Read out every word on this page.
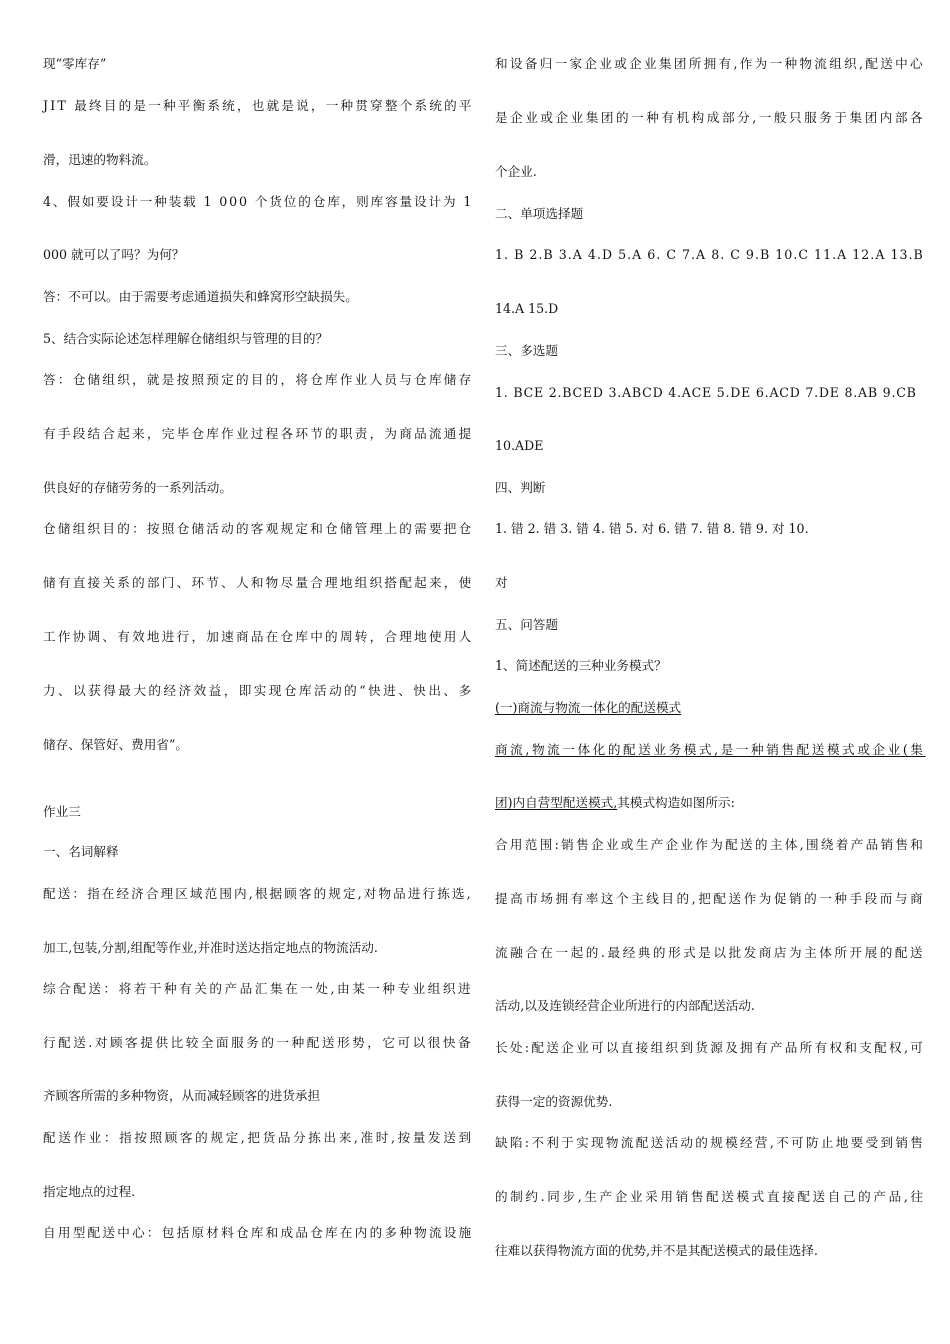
现“零库存”
JIT 最终目的是一种平衡系统，也就是说，一种贯穿整个系统的平
滑，迅速的物料流。
4、假如要设计一种装载 1 000 个货位的仓库，则库容量设计为 1
000 就可以了吗？为何？
答：不可以。由于需要考虑通道损失和蜂窝形空缺损失。
5、结合实际论述怎样理解仓储组织与管理的目的？
答：仓储组织，就是按照预定的目的，将仓库作业人员与仓库储存
有手段结合起来，完毕仓库作业过程各环节的职责，为商品流通提
供良好的存储劳务的一系列活动。
仓储组织目的：按照仓储活动的客观规定和仓储管理上的需要把仓
储有直接关系的部门、环节、人和物尽量合理地组织搭配起来，使
工作协调、有效地进行，加速商品在仓库中的周转，合理地使用人
力、以获得最大的经济效益，即实现仓库活动的“快进、快出、多
储存、保管好、费用省”。
作业三
一、名词解释
配送：指在经济合理区域范围内,根据顾客的规定,对物品进行拣选,
加工,包装,分割,组配等作业,并准时送达指定地点的物流活动.
综合配送：将若干种有关的产品汇集在一处,由某一种专业组织进
行配送.对顾客提供比较全面服务的一种配送形势，它可以很快备
齐顾客所需的多种物资，从而减轻顾客的进货承担
配送作业：指按照顾客的规定,把货品分拣出来,准时,按量发送到
指定地点的过程.
自用型配送中心：包括原材料仓库和成品仓库在内的多种物流设施
和设备归一家企业或企业集团所拥有,作为一种物流组织,配送中心
是企业或企业集团的一种有机构成部分,一般只服务于集团内部各
个企业.
二、单项选择题
1. B 2.B 3.A 4.D 5.A 6. C 7.A 8. C 9.B 10.C 11.A 12.A 13.B
14.A 15.D
三、多选题
1. BCE 2.BCED 3.ABCD 4.ACE 5.DE 6.ACD 7.DE 8.AB 9.CB
10.ADE
四、判断
1. 错 2. 错 3. 错 4. 错 5. 对 6. 错 7. 错 8. 错 9. 对 10.
对
五、问答题
1、简述配送的三种业务模式？
(一)商流与物流一体化的配送模式
商流,物流一体化的配送业务模式,是一种销售配送模式或企业(集
团)内自营型配送模式,其模式构造如图所示:
合用范围:销售企业或生产企业作为配送的主体,围绕着产品销售和
提高市场拥有率这个主线目的,把配送作为促销的一种手段而与商
流融合在一起的.最经典的形式是以批发商店为主体所开展的配送
活动,以及连锁经营企业所进行的内部配送活动.
长处:配送企业可以直接组织到货源及拥有产品所有权和支配权,可
获得一定的资源优势.
缺陷:不利于实现物流配送活动的规模经营,不可防止地要受到销售
的制约.同步,生产企业采用销售配送模式直接配送自己的产品,往
往难以获得物流方面的优势,并不是其配送模式的最佳选择.
